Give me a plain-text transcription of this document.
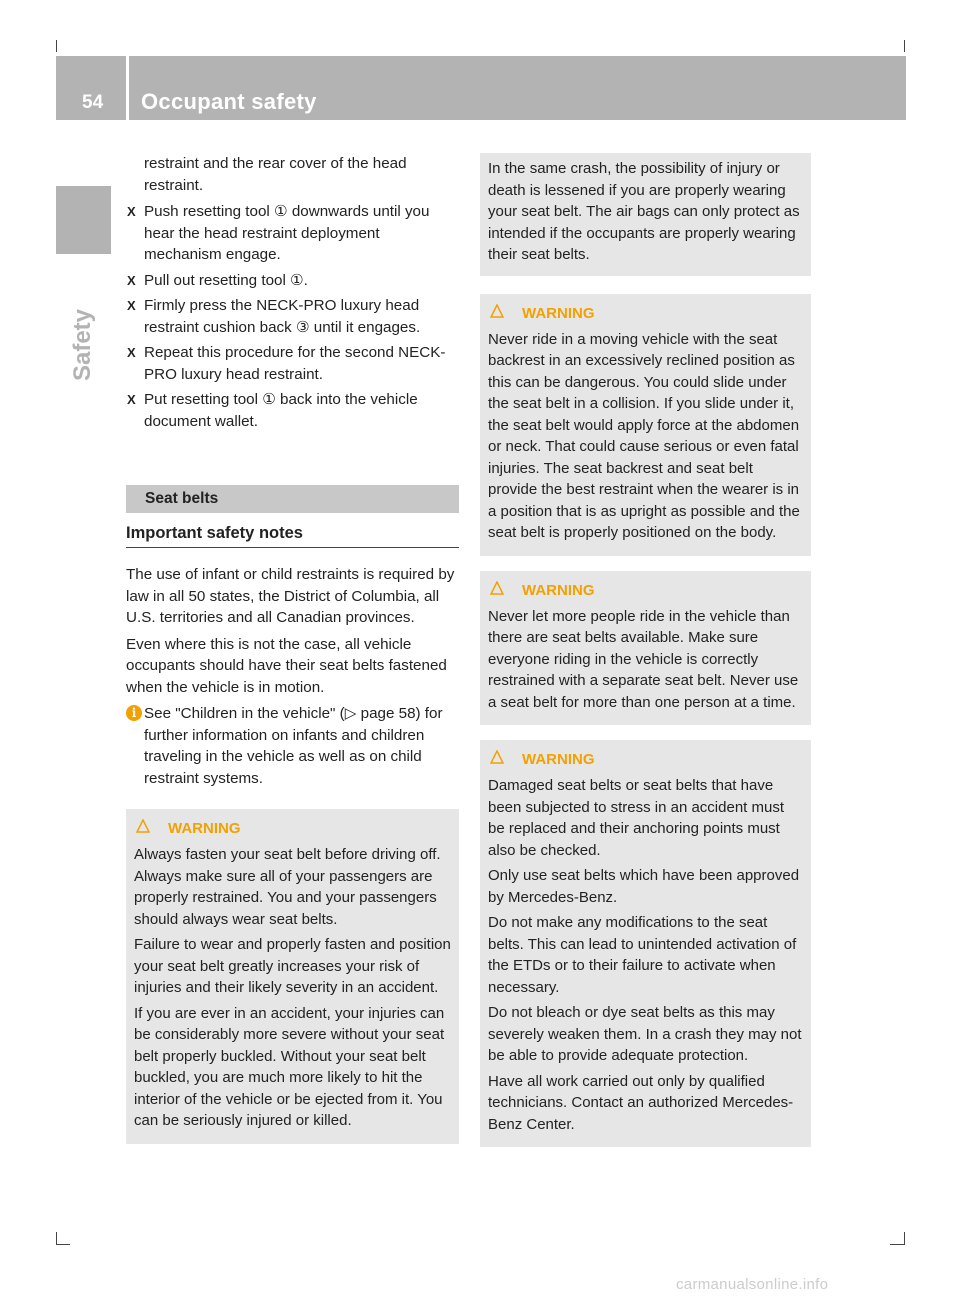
54 Occupant safety
Safety
restraint and the rear cover of the head
restraint.
X Push resetting tool ① downwards until you hear the head restraint deployment mechanism engage.
X Pull out resetting tool ①.
X Firmly press the NECK-PRO luxury head restraint cushion back ③ until it engages.
X Repeat this procedure for the second NECK-PRO luxury head restraint.
X Put resetting tool ① back into the vehicle document wallet.
Seat belts
Important safety notes
The use of infant or child restraints is required by law in all 50 states, the District of Columbia, all U.S. territories and all Canadian provinces.
Even where this is not the case, all vehicle occupants should have their seat belts fastened when the vehicle is in motion.
i See "Children in the vehicle" (▷ page 58) for further information on infants and children traveling in the vehicle as well as on child restraint systems.
WARNING
Always fasten your seat belt before driving off. Always make sure all of your passengers are properly restrained. You and your passengers should always wear seat belts.
Failure to wear and properly fasten and position your seat belt greatly increases your risk of injuries and their likely severity in an accident.
If you are ever in an accident, your injuries can be considerably more severe without your seat belt properly buckled. Without your seat belt buckled, you are much more likely to hit the interior of the vehicle or be ejected from it. You can be seriously injured or killed.
In the same crash, the possibility of injury or death is lessened if you are properly wearing your seat belt. The air bags can only protect as intended if the occupants are properly wearing their seat belts.
WARNING
Never ride in a moving vehicle with the seat backrest in an excessively reclined position as this can be dangerous. You could slide under the seat belt in a collision. If you slide under it, the seat belt would apply force at the abdomen or neck. That could cause serious or even fatal injuries. The seat backrest and seat belt provide the best restraint when the wearer is in a position that is as upright as possible and the seat belt is properly positioned on the body.
WARNING
Never let more people ride in the vehicle than there are seat belts available. Make sure everyone riding in the vehicle is correctly restrained with a separate seat belt. Never use a seat belt for more than one person at a time.
WARNING
Damaged seat belts or seat belts that have been subjected to stress in an accident must be replaced and their anchoring points must also be checked.
Only use seat belts which have been approved by Mercedes-Benz.
Do not make any modifications to the seat belts. This can lead to unintended activation of the ETDs or to their failure to activate when necessary.
Do not bleach or dye seat belts as this may severely weaken them. In a crash they may not be able to provide adequate protection.
Have all work carried out only by qualified technicians. Contact an authorized Mercedes-Benz Center.
carmanualsonline.info
